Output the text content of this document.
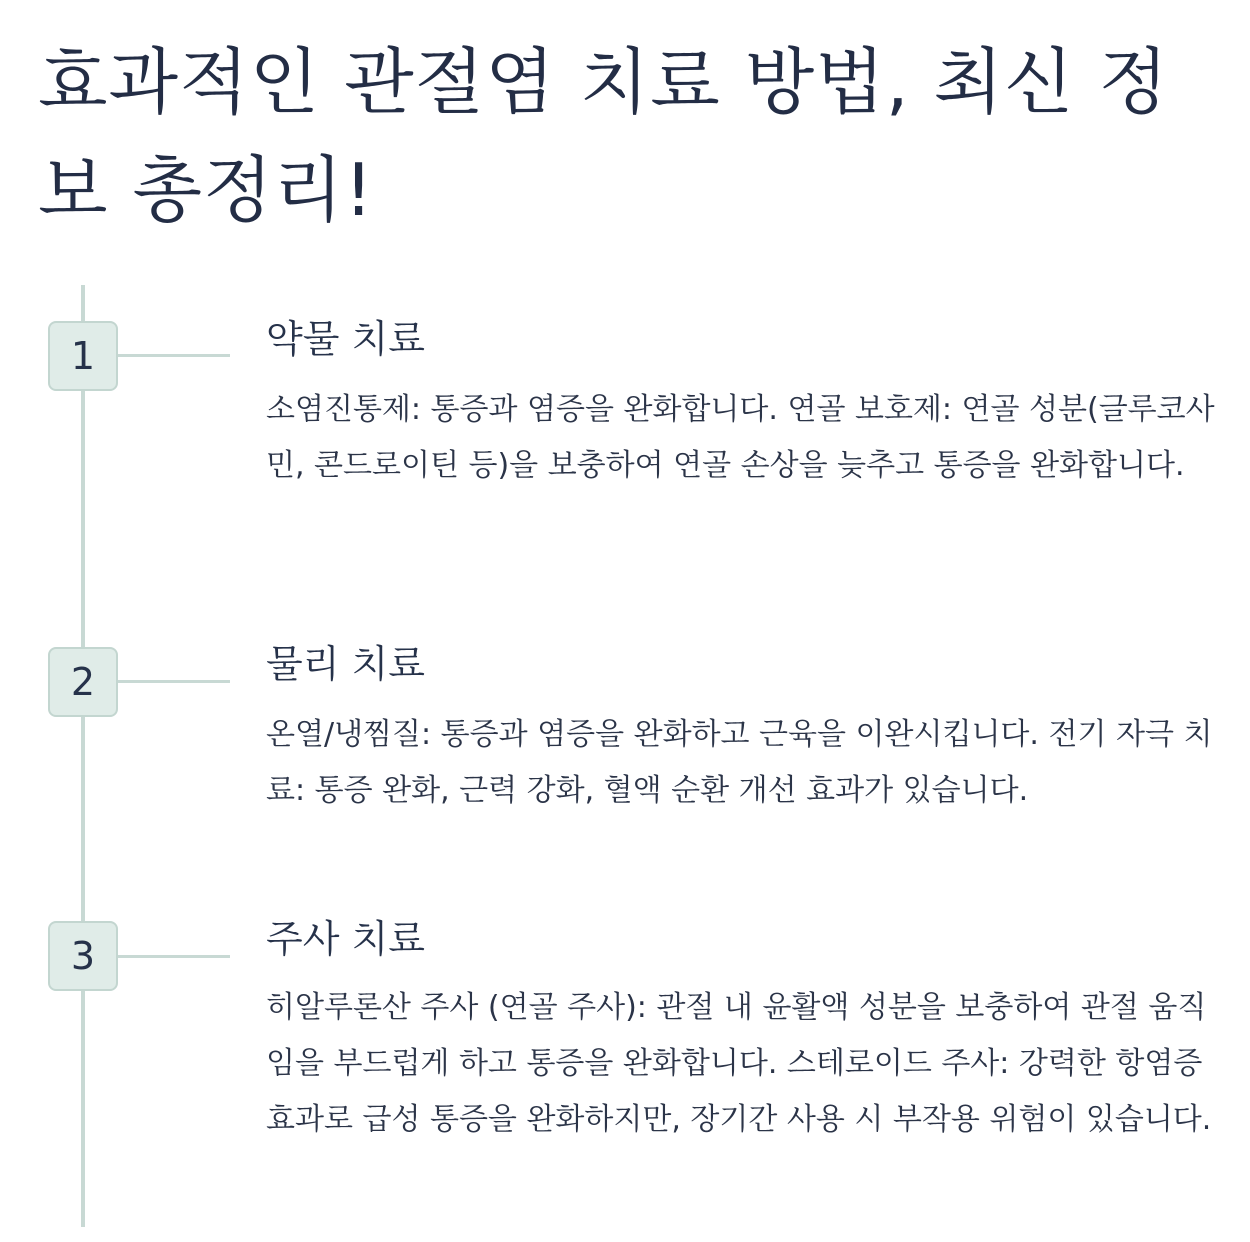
효과적인 관절염 치료 방법, 최신 정보 총정리!
1	약물 치료

소염진통제: 통증과 염증을 완화합니다. 연골 보호제: 연골 성분(글루코사민, 콘드로이틴 등)을 보충하여 연골 손상을 늦추고 통증을 완화합니다.

2	물리 치료

온열/냉찜질: 통증과 염증을 완화하고 근육을 이완시킵니다. 전기 자극 치료: 통증 완화, 근력 강화, 혈액 순환 개선 효과가 있습니다.

3	주사 치료

히알루론산 주사 (연골 주사): 관절 내 윤활액 성분을 보충하여 관절 움직임을 부드럽게 하고 통증을 완화합니다. 스테로이드 주사: 강력한 항염증 효과로 급성 통증을 완화하지만, 장기간 사용 시 부작용 위험이 있습니다.
